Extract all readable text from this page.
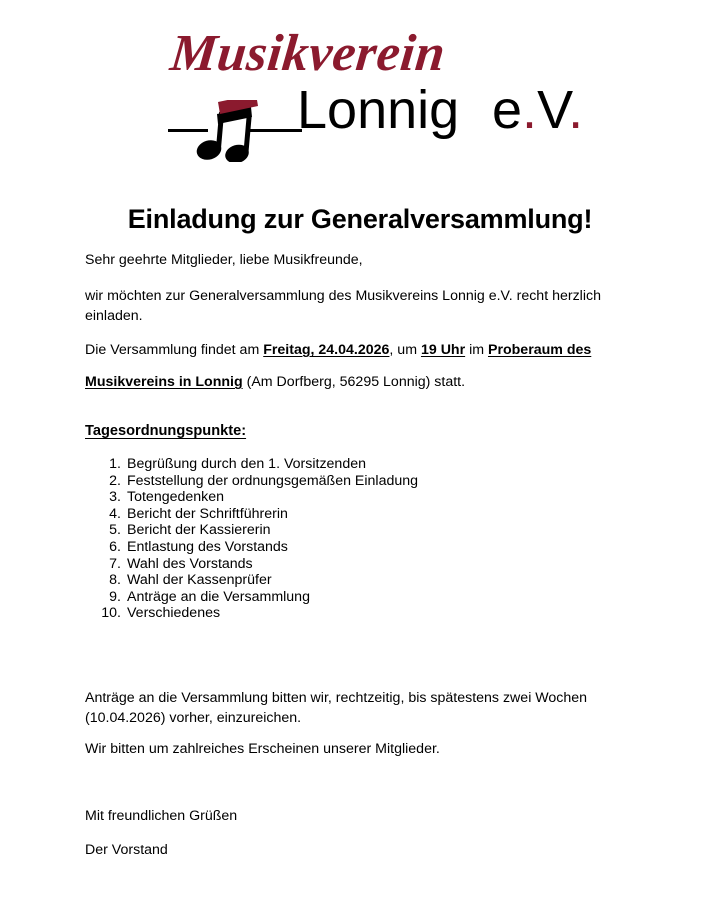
Musikverein
Lonnig e.V.
Einladung zur Generalversammlung!

Sehr geehrte Mitglieder, liebe Musikfreunde,

wir möchten zur Generalversammlung des Musikvereins Lonnig e.V. recht herzlich einladen.

Die Versammlung findet am Freitag, 24.04.2026, um 19 Uhr im Proberaum des Musikvereins in Lonnig (Am Dorfberg, 56295 Lonnig) statt.

Tagesordnungspunkte:
1. Begrüßung durch den 1. Vorsitzenden
2. Feststellung der ordnungsgemäßen Einladung
3. Totengedenken
4. Bericht der Schriftführerin
5. Bericht der Kassiererin
6. Entlastung des Vorstands
7. Wahl des Vorstands
8. Wahl der Kassenprüfer
9. Anträge an die Versammlung
10. Verschiedenes

Anträge an die Versammlung bitten wir, rechtzeitig, bis spätestens zwei Wochen (10.04.2026) vorher, einzureichen.

Wir bitten um zahlreiches Erscheinen unserer Mitglieder.

Mit freundlichen Grüßen

Der Vorstand
